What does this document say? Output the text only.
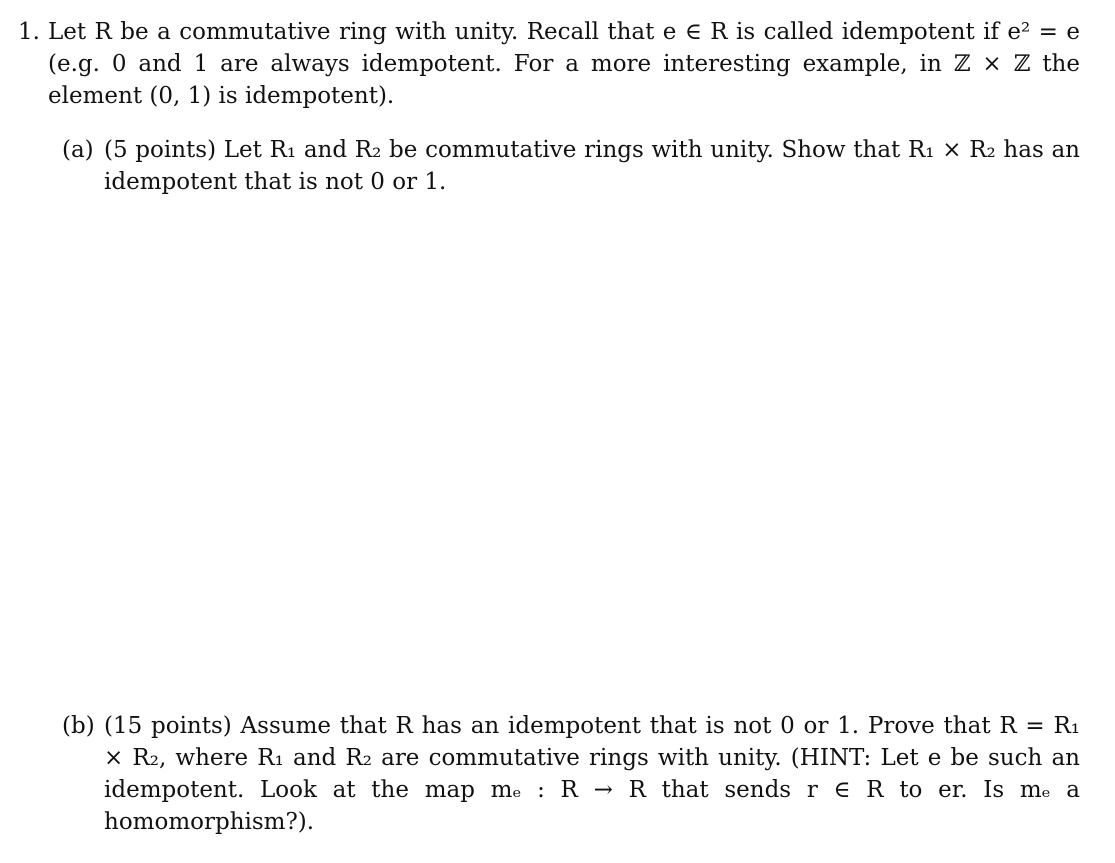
1. Let R be a commutative ring with unity. Recall that e ∈ R is called idempotent if e² = e (e.g. 0 and 1 are always idempotent. For a more interesting example, in ℤ × ℤ the element (0, 1) is idempotent).
(a) (5 points) Let R₁ and R₂ be commutative rings with unity. Show that R₁ × R₂ has an idempotent that is not 0 or 1.
(b) (15 points) Assume that R has an idempotent that is not 0 or 1. Prove that R = R₁ × R₂, where R₁ and R₂ are commutative rings with unity. (HINT: Let e be such an idempotent. Look at the map mₑ : R → R that sends r ∈ R to er. Is mₑ a homomorphism?).
